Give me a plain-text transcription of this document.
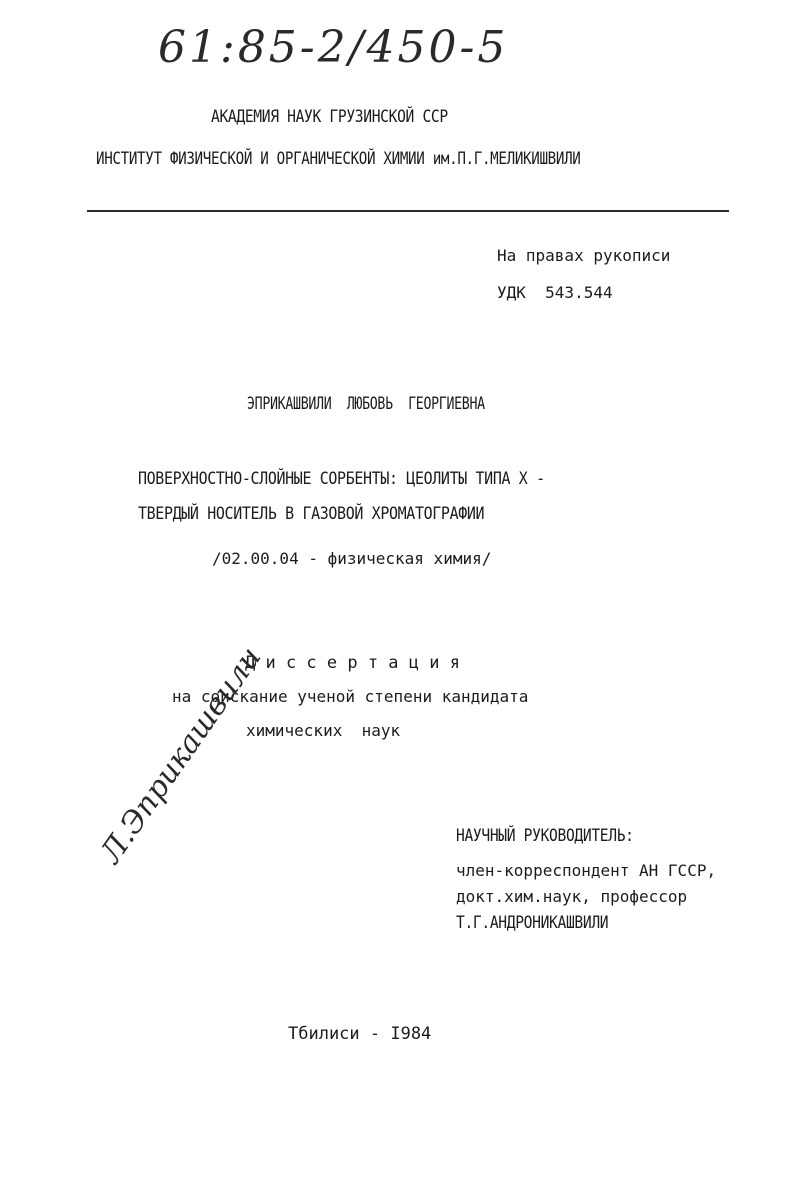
61:85-2/450-5
АКАДЕМИЯ НАУК ГРУЗИНСКОЙ ССР
ИНСТИТУТ ФИЗИЧЕСКОЙ И ОРГАНИЧЕСКОЙ ХИМИИ им.П.Г.МЕЛИКИШВИЛИ
На правах рукописи
УДК  543.544
ЭПРИКАШВИЛИ  ЛЮБОВЬ  ГЕОРГИЕВНА
ПОВЕРХНОСТНО-СЛОЙНЫЕ СОРБЕНТЫ: ЦЕОЛИТЫ ТИПА X -
ТВЕРДЫЙ НОСИТЕЛЬ В ГАЗОВОЙ ХРОМАТОГРАФИИ
/02.00.04 - физическая химия/
Д и с с е р т а ц и я
на соискание ученой степени кандидата
химических  наук
Л.Эприкашвили	НАУЧНЫЙ РУКОВОДИТЕЛЬ:
член-корреспондент АН ГССР,
докт.хим.наук, профессор
Т.Г.АНДРОНИКАШВИЛИ
Тбилиси - I984
